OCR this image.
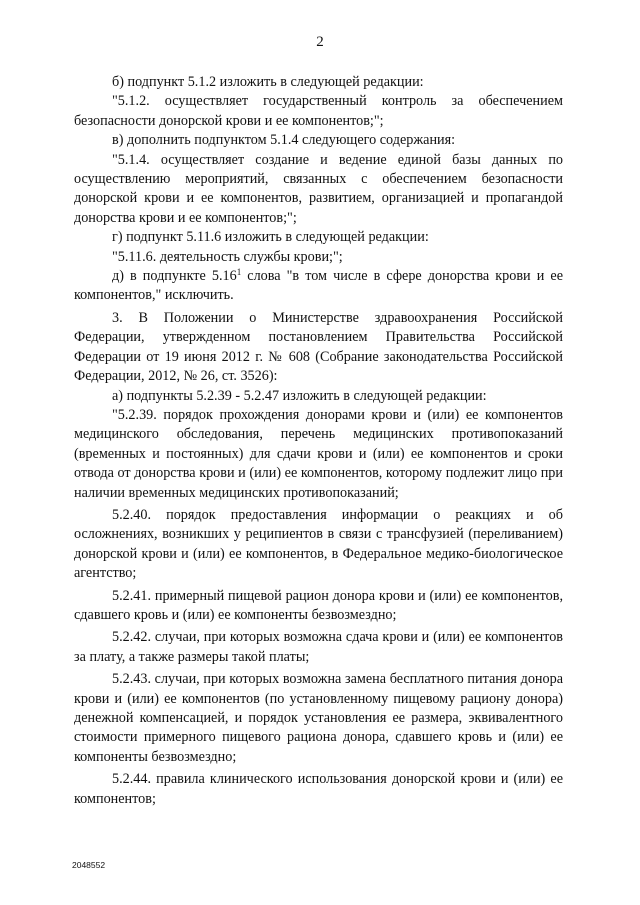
2

б) подпункт 5.1.2 изложить в следующей редакции:

"5.1.2. осуществляет государственный контроль за обеспечением безопасности донорской крови и ее компонентов;";

в) дополнить подпунктом 5.1.4 следующего содержания:

"5.1.4. осуществляет создание и ведение единой базы данных по осуществлению мероприятий, связанных с обеспечением безопасности донорской крови и ее компонентов, развитием, организацией и пропагандой донорства крови и ее компонентов;";

г) подпункт 5.11.6 изложить в следующей редакции:

"5.11.6. деятельность службы крови;";

д) в подпункте 5.16$^1$ слова "в том числе в сфере донорства крови и ее компонентов," исключить.

3. В Положении о Министерстве здравоохранения Российской Федерации, утвержденном постановлением Правительства Российской Федерации от 19 июня 2012 г. № 608 (Собрание законодательства Российской Федерации, 2012, № 26, ст. 3526):

а) подпункты 5.2.39 - 5.2.47 изложить в следующей редакции:

"5.2.39. порядок прохождения донорами крови и (или) ее компонентов медицинского обследования, перечень медицинских противопоказаний (временных и постоянных) для сдачи крови и (или) ее компонентов и сроки отвода от донорства крови и (или) ее компонентов, которому подлежит лицо при наличии временных медицинских противопоказаний;

5.2.40. порядок предоставления информации о реакциях и об осложнениях, возникших у реципиентов в связи с трансфузией (переливанием) донорской крови и (или) ее компонентов, в Федеральное медико-биологическое агентство;

5.2.41. примерный пищевой рацион донора крови и (или) ее компонентов, сдавшего кровь и (или) ее компоненты безвозмездно;

5.2.42. случаи, при которых возможна сдача крови и (или) ее компонентов за плату, а также размеры такой платы;

5.2.43. случаи, при которых возможна замена бесплатного питания донора крови и (или) ее компонентов (по установленному пищевому рациону донора) денежной компенсацией, и порядок установления ее размера, эквивалентного стоимости примерного пищевого рациона донора, сдавшего кровь и (или) ее компоненты безвозмездно;

5.2.44. правила клинического использования донорской крови и (или) ее компонентов;

2048552
